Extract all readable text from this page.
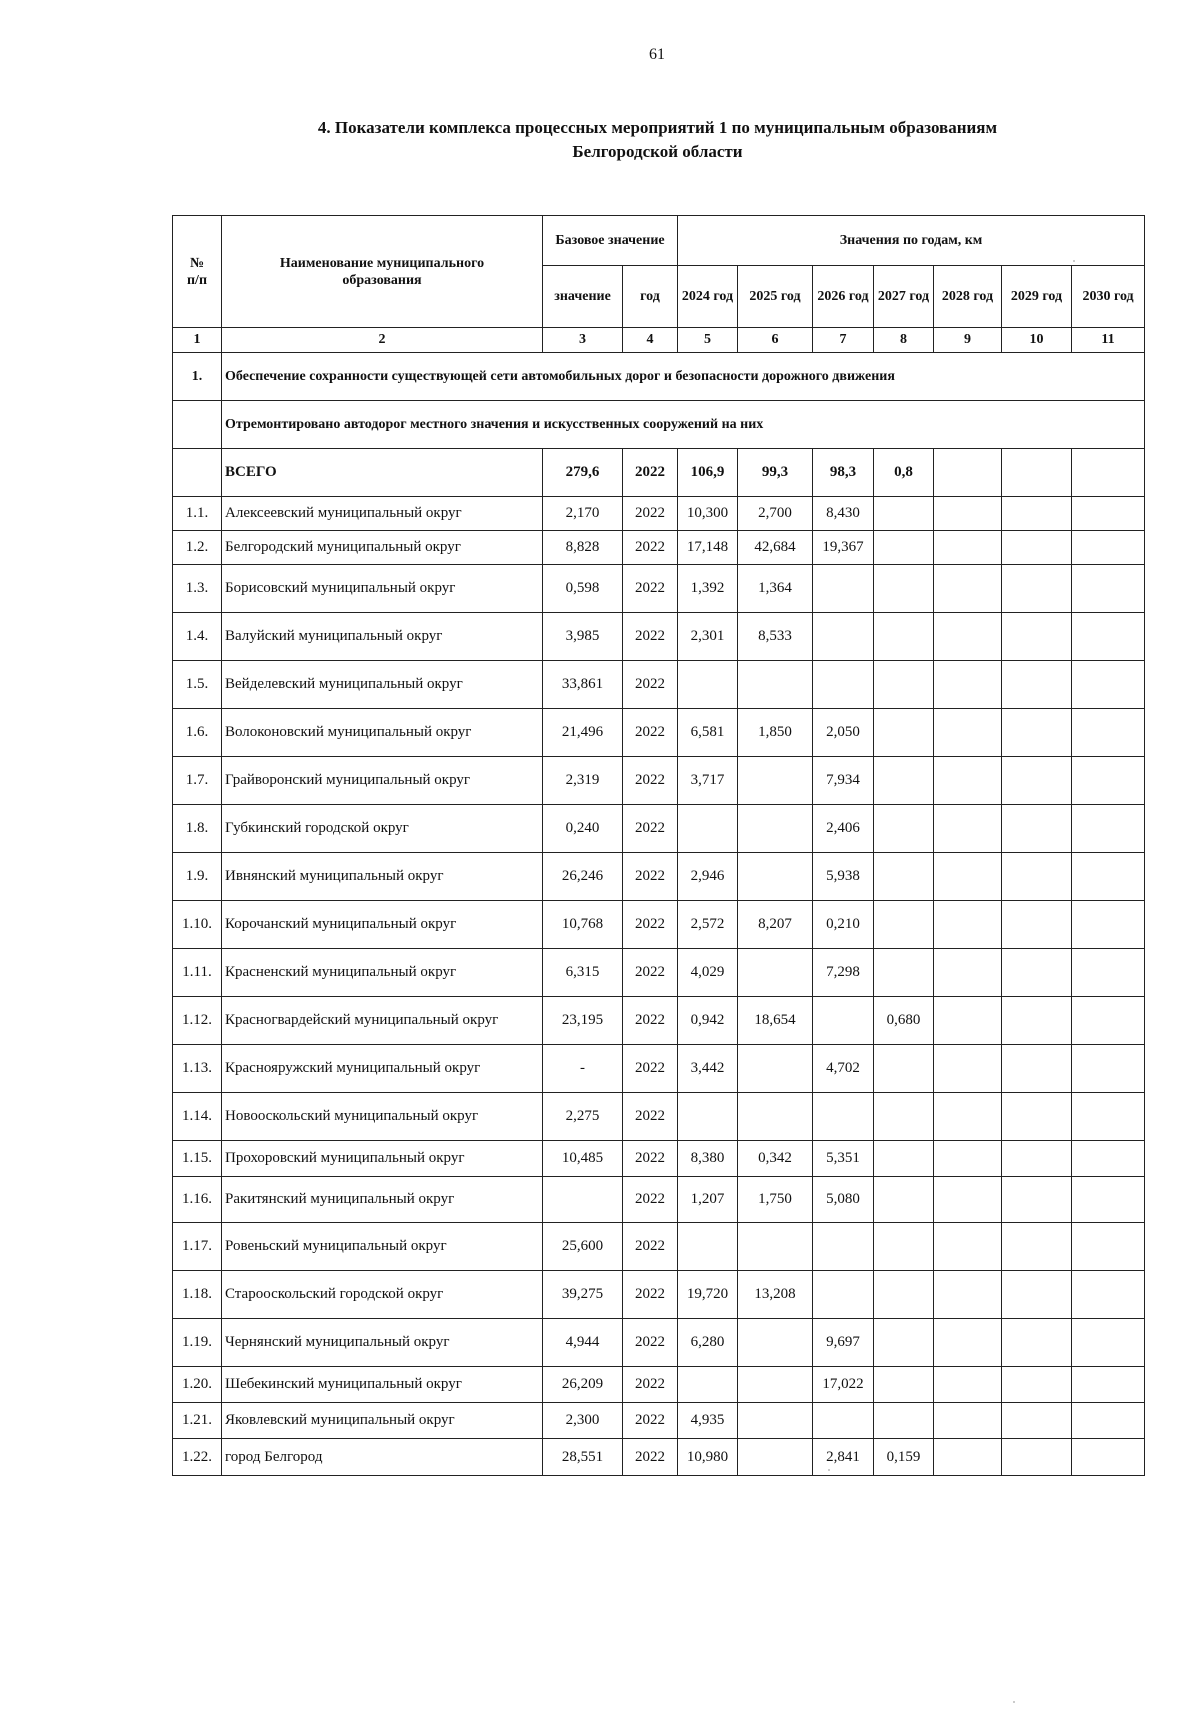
61
4. Показатели комплекса процессных мероприятий 1 по муниципальным образованиям
Белгородской области
№
п/п	Наименование муниципального образования	Базовое значение		Значения по годам, км						
		значение	год	2024 год	2025 год	2026 год	2027 год	2028 год	2029 год	2030 год
1	2	3	4	5	6	7	8	9	10	11
1.	Обеспечение сохранности существующей сети автомобильных дорог и безопасности дорожного движения									
	Отремонтировано автодорог местного значения и искусственных сооружений на них									
	ВСЕГО	279,6	2022	106,9	99,3	98,3	0,8			
1.1.	Алексеевский муниципальный округ	2,170	2022	10,300	2,700	8,430				
1.2.	Белгородский муниципальный округ	8,828	2022	17,148	42,684	19,367				
1.3.	Борисовский муниципальный округ	0,598	2022	1,392	1,364					
1.4.	Валуйский муниципальный округ	3,985	2022	2,301	8,533					
1.5.	Вейделевский муниципальный округ	33,861	2022							
1.6.	Волоконовский муниципальный округ	21,496	2022	6,581	1,850	2,050				
1.7.	Грайворонский муниципальный округ	2,319	2022	3,717		7,934				
1.8.	Губкинский городской округ	0,240	2022			2,406				
1.9.	Ивнянский муниципальный округ	26,246	2022	2,946		5,938				
1.10.	Корочанский муниципальный округ	10,768	2022	2,572	8,207	0,210				
1.11.	Красненский муниципальный округ	6,315	2022	4,029		7,298				
1.12.	Красногвардейский муниципальный округ	23,195	2022	0,942	18,654		0,680			
1.13.	Краснояружский муниципальный округ	-	2022	3,442		4,702				
1.14.	Новооскольский муниципальный округ	2,275	2022							
1.15.	Прохоровский муниципальный округ	10,485	2022	8,380	0,342	5,351				
1.16.	Ракитянский муниципальный округ		2022	1,207	1,750	5,080				
1.17.	Ровеньский муниципальный округ	25,600	2022							
1.18.	Старооскольский городской округ	39,275	2022	19,720	13,208					
1.19.	Чернянский муниципальный округ	4,944	2022	6,280		9,697				
1.20.	Шебекинский муниципальный округ	26,209	2022			17,022				
1.21.	Яковлевский муниципальный округ	2,300	2022	4,935						
1.22.	город Белгород	28,551	2022	10,980		2,841	0,159			
